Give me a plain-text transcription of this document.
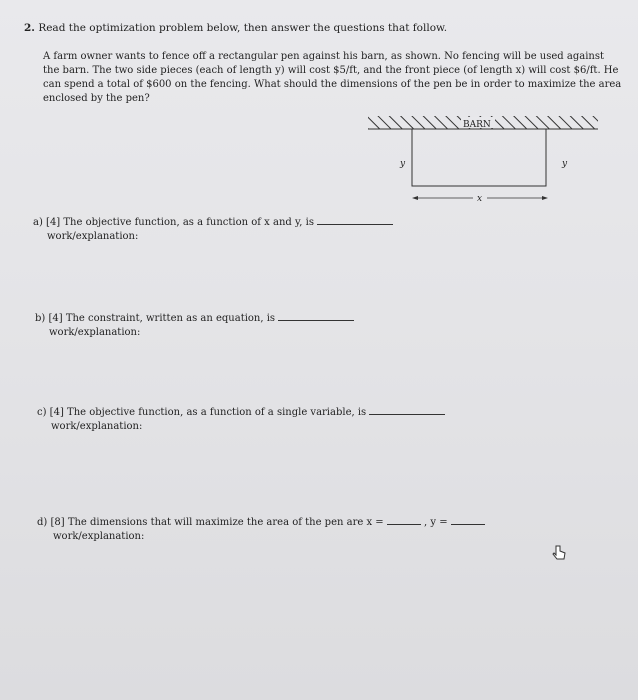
2. Read the optimization problem below, then answer the questions that follow.
A farm owner wants to fence off a rectangular pen against his barn, as shown. No fencing will be used against the barn. The two side pieces (each of length y) will cost $5/ft, and the front piece (of length x) will cost $6/ft. He can spend a total of $600 on the fencing. What should the dimensions of the pen be in order to maximize the area enclosed by the pen?
BARN
y	y
x
a) [4] The objective function, as a function of x and y, is
work/explanation:
b) [4] The constraint, written as an equation, is
work/explanation:
c) [4] The objective function, as a function of a single variable, is
work/explanation:
d) [8] The dimensions that will maximize the area of the pen are x =	, y =
work/explanation:
